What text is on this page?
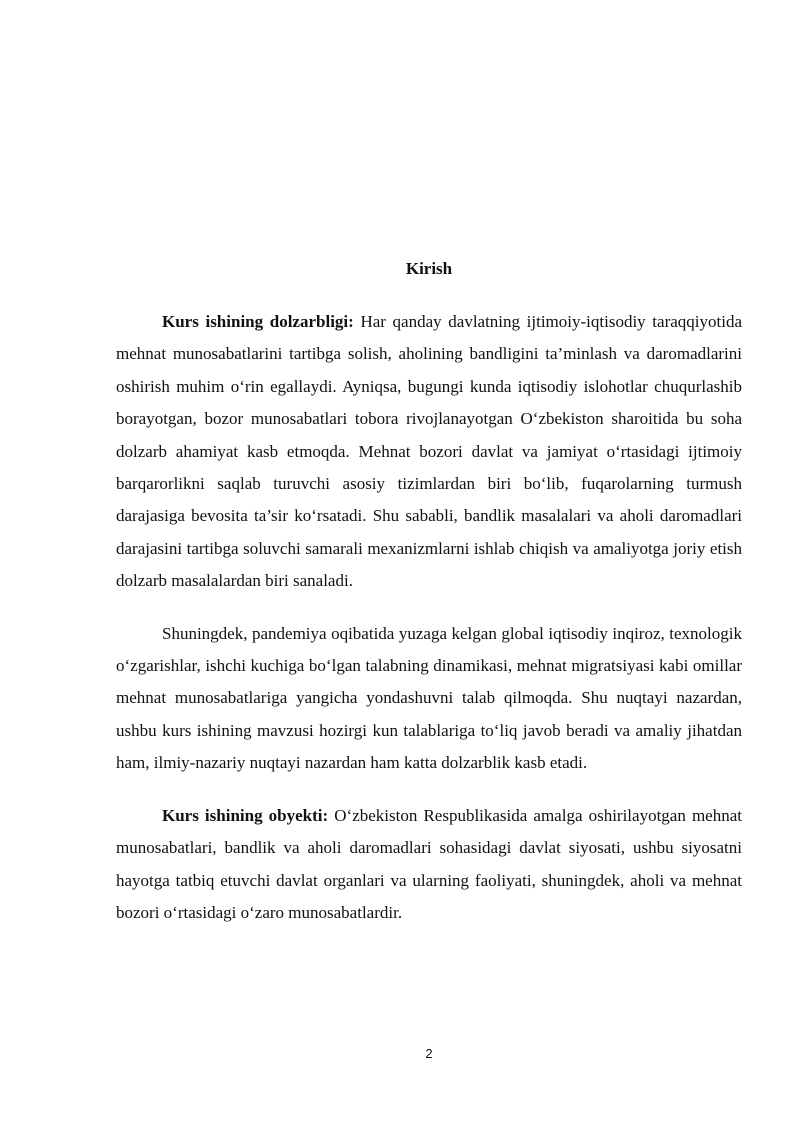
Kirish

Kurs ishining dolzarbligi: Har qanday davlatning ijtimoiy-iqtisodiy taraqqiyotida mehnat munosabatlarini tartibga solish, aholining bandligini ta’minlash va daromadlarini oshirish muhim o‘rin egallaydi. Ayniqsa, bugungi kunda iqtisodiy islohotlar chuqurlashib borayotgan, bozor munosabatlari tobora rivojlanayotgan O‘zbekiston sharoitida bu soha dolzarb ahamiyat kasb etmoqda. Mehnat bozori davlat va jamiyat o‘rtasidagi ijtimoiy barqarorlikni saqlab turuvchi asosiy tizimlardan biri bo‘lib, fuqarolarning turmush darajasiga bevosita ta’sir ko‘rsatadi. Shu sababli, bandlik masalalari va aholi daromadlari darajasini tartibga soluvchi samarali mexanizmlarni ishlab chiqish va amaliyotga joriy etish dolzarb masalalardan biri sanaladi.

Shuningdek, pandemiya oqibatida yuzaga kelgan global iqtisodiy inqiroz, texnologik o‘zgarishlar, ishchi kuchiga bo‘lgan talabning dinamikasi, mehnat migratsiyasi kabi omillar mehnat munosabatlariga yangicha yondashuvni talab qilmoqda. Shu nuqtayi nazardan, ushbu kurs ishining mavzusi hozirgi kun talablariga to‘liq javob beradi va amaliy jihatdan ham, ilmiy-nazariy nuqtayi nazardan ham katta dolzarblik kasb etadi.

Kurs ishining obyekti: O‘zbekiston Respublikasida amalga oshirilayotgan mehnat munosabatlari, bandlik va aholi daromadlari sohasidagi davlat siyosati, ushbu siyosatni hayotga tatbiq etuvchi davlat organlari va ularning faoliyati, shuningdek, aholi va mehnat bozori o‘rtasidagi o‘zaro munosabatlardir.

2
